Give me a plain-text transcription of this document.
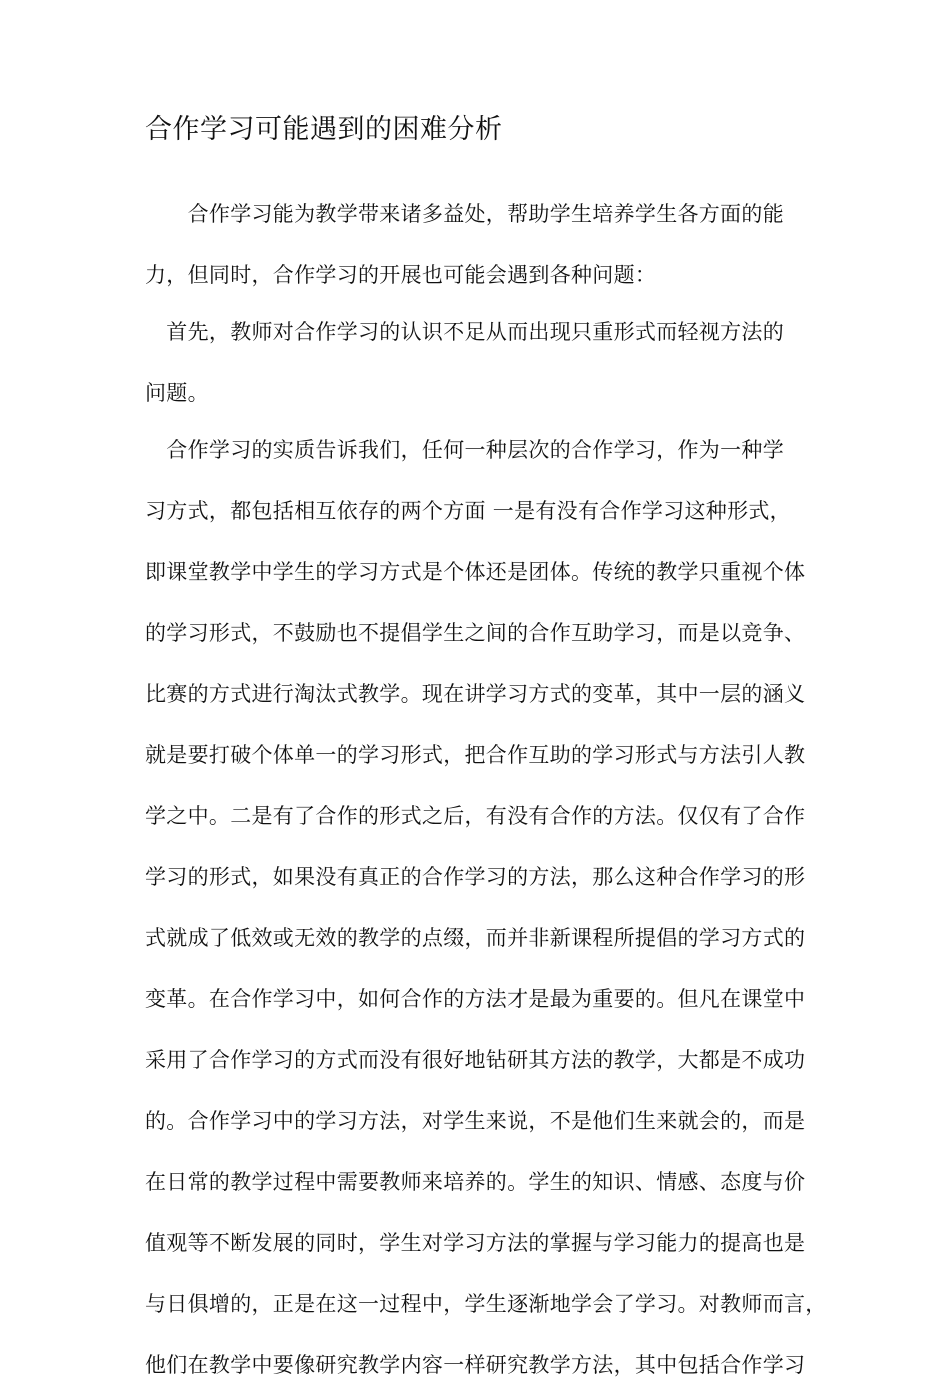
合作学习可能遇到的困难分析

　　合作学习能为教学带来诸多益处，帮助学生培养学生各方面的能
力，但同时，合作学习的开展也可能会遇到各种问题：

　首先，教师对合作学习的认识不足从而出现只重形式而轻视方法的
问题。

　合作学习的实质告诉我们，任何一种层次的合作学习，作为一种学
习方式，都包括相互依存的两个方面 一是有没有合作学习这种形式，
即课堂教学中学生的学习方式是个体还是团体。传统的教学只重视个体
的学习形式，不鼓励也不提倡学生之间的合作互助学习，而是以竞争、
比赛的方式进行淘汰式教学。现在讲学习方式的变革，其中一层的涵义
就是要打破个体单一的学习形式，把合作互助的学习形式与方法引人教
学之中。二是有了合作的形式之后，有没有合作的方法。仅仅有了合作
学习的形式，如果没有真正的合作学习的方法，那么这种合作学习的形
式就成了低效或无效的教学的点缀，而并非新课程所提倡的学习方式的
变革。在合作学习中，如何合作的方法才是最为重要的。但凡在课堂中
采用了合作学习的方式而没有很好地钻研其方法的教学，大都是不成功
的。合作学习中的学习方法，对学生来说，不是他们生来就会的，而是
在日常的教学过程中需要教师来培养的。学生的知识、情感、态度与价
值观等不断发展的同时，学生对学习方法的掌握与学习能力的提高也是
与日俱增的，正是在这一过程中，学生逐渐地学会了学习。对教师而言，
他们在教学中要像研究教学内容一样研究教学方法，其中包括合作学习
